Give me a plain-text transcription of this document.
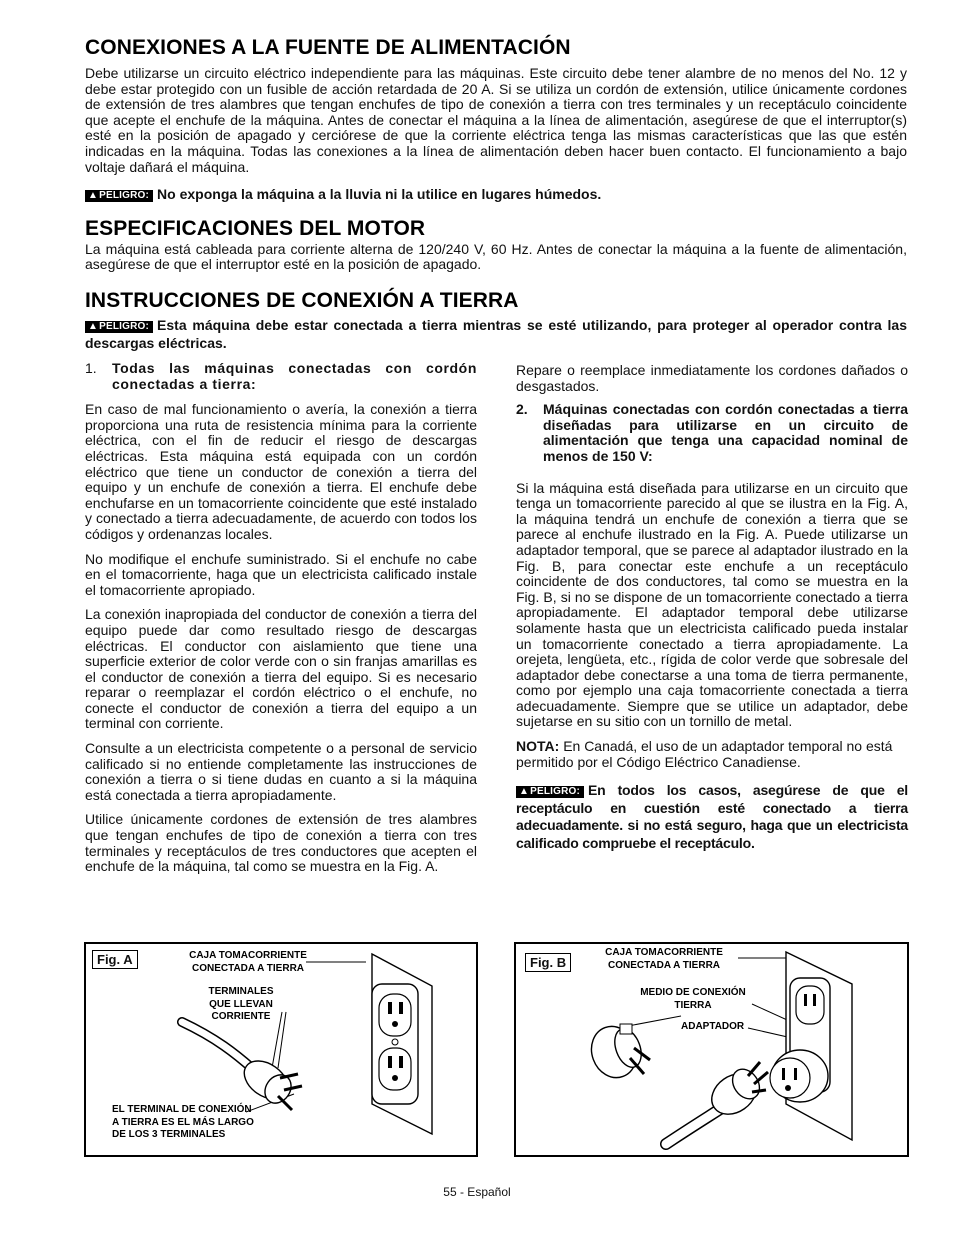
CONEXIONES A LA FUENTE DE ALIMENTACIÓN

Debe utilizarse un circuito eléctrico independiente para las máquinas. Este circuito debe tener alambre de no menos del No. 12 y debe estar protegido con un fusible de acción retardada de 20 A. Si se utiliza un cordón de extensión, utilice únicamente cordones de extensión de tres alambres que tengan enchufes de tipo de conexión a tierra con tres terminales y un receptáculo coincidente que acepte el enchufe de la máquina. Antes de conectar el máquina a la línea de alimentación, asegúrese de que el interruptor(s) esté en la posición de apagado y cerciórese de que la corriente eléctrica tenga las mismas características que las que estén indicadas en la máquina. Todas las conexiones a la línea de alimentación deben hacer buen contacto. El funcionamiento a bajo voltaje dañará el máquina.

▲PELIGRO: No exponga la máquina a la lluvia ni la utilice en lugares húmedos.

ESPECIFICACIONES DEL MOTOR

La máquina está cableada para corriente alterna de 120/240 V, 60 Hz. Antes de conectar la máquina a la fuente de alimentación, asegúrese de que el interruptor esté en la posición de apagado.

INSTRUCCIONES DE CONEXIÓN A TIERRA

▲PELIGRO: Esta máquina debe estar conectada a tierra mientras se esté utilizando, para proteger al operador contra las descargas eléctricas.

1.	Todas las máquinas conectadas con cordón conectadas a tierra:

En caso de mal funcionamiento o avería, la conexión a tierra proporciona una ruta de resistencia mínima para la corriente eléctrica, con el fin de reducir el riesgo de descargas eléctricas. Esta máquina está equipada con un cordón eléctrico que tiene un conductor de conexión a tierra del equipo y un enchufe de conexión a tierra. El enchufe debe enchufarse en un tomacorriente coincidente que esté instalado y conectado a tierra adecuadamente, de acuerdo con todos los códigos y ordenanzas locales.

No modifique el enchufe suministrado. Si el enchufe no cabe en el tomacorriente, haga que un electricista calificado instale el tomacorriente apropiado.

La conexión inapropiada del conductor de conexión a tierra del equipo puede dar como resultado riesgo de descargas eléctricas. El conductor con aislamiento que tiene una superficie exterior de color verde con o sin franjas amarillas es el conductor de conexión a tierra del equipo. Si es necesario reparar o reemplazar el cordón eléctrico o el enchufe, no conecte el conductor de conexión a tierra del equipo a un terminal con corriente.

Consulte a un electricista competente o a personal de servicio calificado si no entiende completamente las instrucciones de conexión a tierra o si tiene dudas en cuanto a si la máquina está conectada a tierra apropiadamente.

Utilice únicamente cordones de extensión de tres alambres que tengan enchufes de tipo de conexión a tierra con tres terminales y receptáculos de tres conductores que acepten el enchufe de la máquina, tal como se muestra en la Fig. A.

Repare o reemplace inmediatamente los cordones dañados o desgastados.

2.	Máquinas conectadas con cordón conectadas a tierra diseñadas para utilizarse en un circuito de alimentación que tenga una capacidad nominal de menos de 150 V:

Si la máquina está diseñada para utilizarse en un circuito que tenga un tomacorriente parecido al que se ilustra en la Fig. A, la máquina tendrá un enchufe de conexión a tierra que se parece al enchufe ilustrado en la Fig. A. Puede utilizarse un adaptador temporal, que se parece al adaptador ilustrado en la Fig. B, para conectar este enchufe a un receptáculo coincidente de dos conductores, tal como se muestra en la Fig. B, si no se dispone de un tomacorriente conectado a tierra apropiadamente. El adaptador temporal debe utilizarse solamente hasta que un electricista calificado pueda instalar un tomacorriente conectado a tierra apropiadamente. La orejeta, lengüeta, etc., rígida de color verde que sobresale del adaptador debe conectarse a una toma de tierra permanente, como por ejemplo una caja tomacorriente conectada a tierra adecuadamente. Siempre que se utilice un adaptador, debe sujetarse en su sitio con un tornillo de metal.

NOTA: En Canadá, el uso de un adaptador temporal no está permitido por el Código Eléctrico Canadiense.

▲PELIGRO: En todos los casos, asegúrese de que el receptáculo en cuestión esté conectado a tierra adecuadamente. si no está seguro, haga que un electricista calificado compruebe el receptáculo.

Fig. A	CAJA TOMACORRIENTE
CONECTADA A TIERRA
TERMINALES
QUE LLEVAN
CORRIENTE
EL TERMINAL DE CONEXIÓN
A TIERRA ES EL MÁS LARGO
DE LOS 3 TERMINALES
Fig. B
CAJA TOMACORRIENTE
CONECTADA A TIERRA
MEDIO DE CONEXIÓN
TIERRA
ADAPTADOR
55 - Español
